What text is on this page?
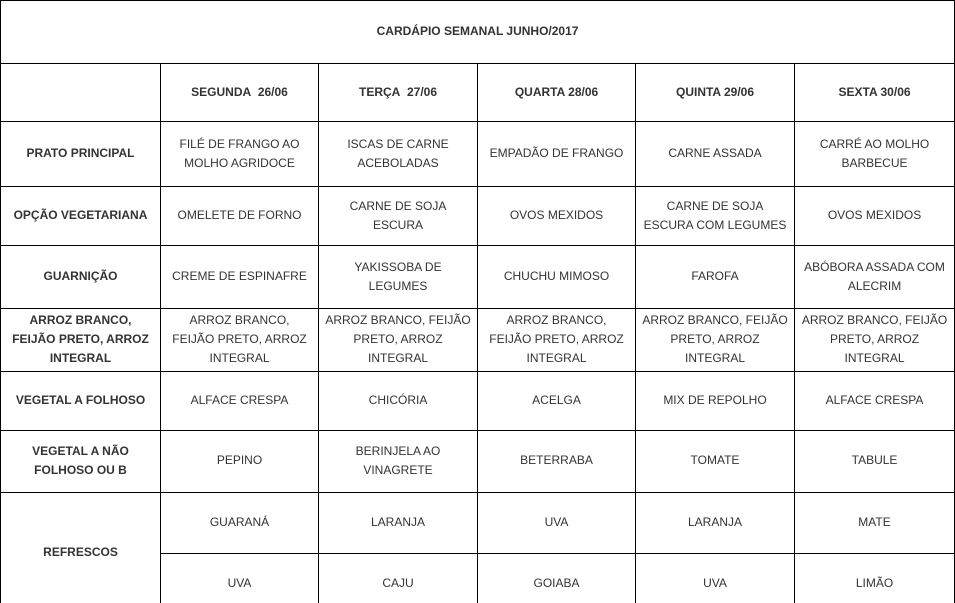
CARDÁPIO SEMANAL JUNHO/2017					
	SEGUNDA  26/06	TERÇA  27/06	QUARTA 28/06	QUINTA 29/06	SEXTA 30/06
PRATO PRINCIPAL	FILÉ DE FRANGO AO MOLHO AGRIDOCE	ISCAS DE CARNE ACEBOLADAS	EMPADÃO DE FRANGO	CARNE ASSADA	CARRÉ AO MOLHO BARBECUE
OPÇÃO VEGETARIANA	OMELETE DE FORNO	CARNE DE SOJA ESCURA	OVOS MEXIDOS	CARNE DE SOJA ESCURA COM LEGUMES	OVOS MEXIDOS
GUARNIÇÃO	CREME DE ESPINAFRE	YAKISSOBA DE LEGUMES	CHUCHU MIMOSO	FAROFA	ABÓBORA ASSADA COM ALECRIM
ARROZ BRANCO, FEIJÃO PRETO, ARROZ INTEGRAL	ARROZ BRANCO, FEIJÃO PRETO, ARROZ INTEGRAL	ARROZ BRANCO, FEIJÃO PRETO, ARROZ INTEGRAL	ARROZ BRANCO, FEIJÃO PRETO, ARROZ INTEGRAL	ARROZ BRANCO, FEIJÃO PRETO, ARROZ INTEGRAL	ARROZ BRANCO, FEIJÃO PRETO, ARROZ INTEGRAL
VEGETAL A FOLHOSO	ALFACE CRESPA	CHICÓRIA	ACELGA	MIX DE REPOLHO	ALFACE CRESPA
VEGETAL A NÃO FOLHOSO OU B	PEPINO	BERINJELA AO VINAGRETE	BETERRABA	TOMATE	TABULE
REFRESCOS	GUARANÁ	LARANJA	UVA	LARANJA	MATE
	UVA	CAJU	GOIABA	UVA	LIMÃO
